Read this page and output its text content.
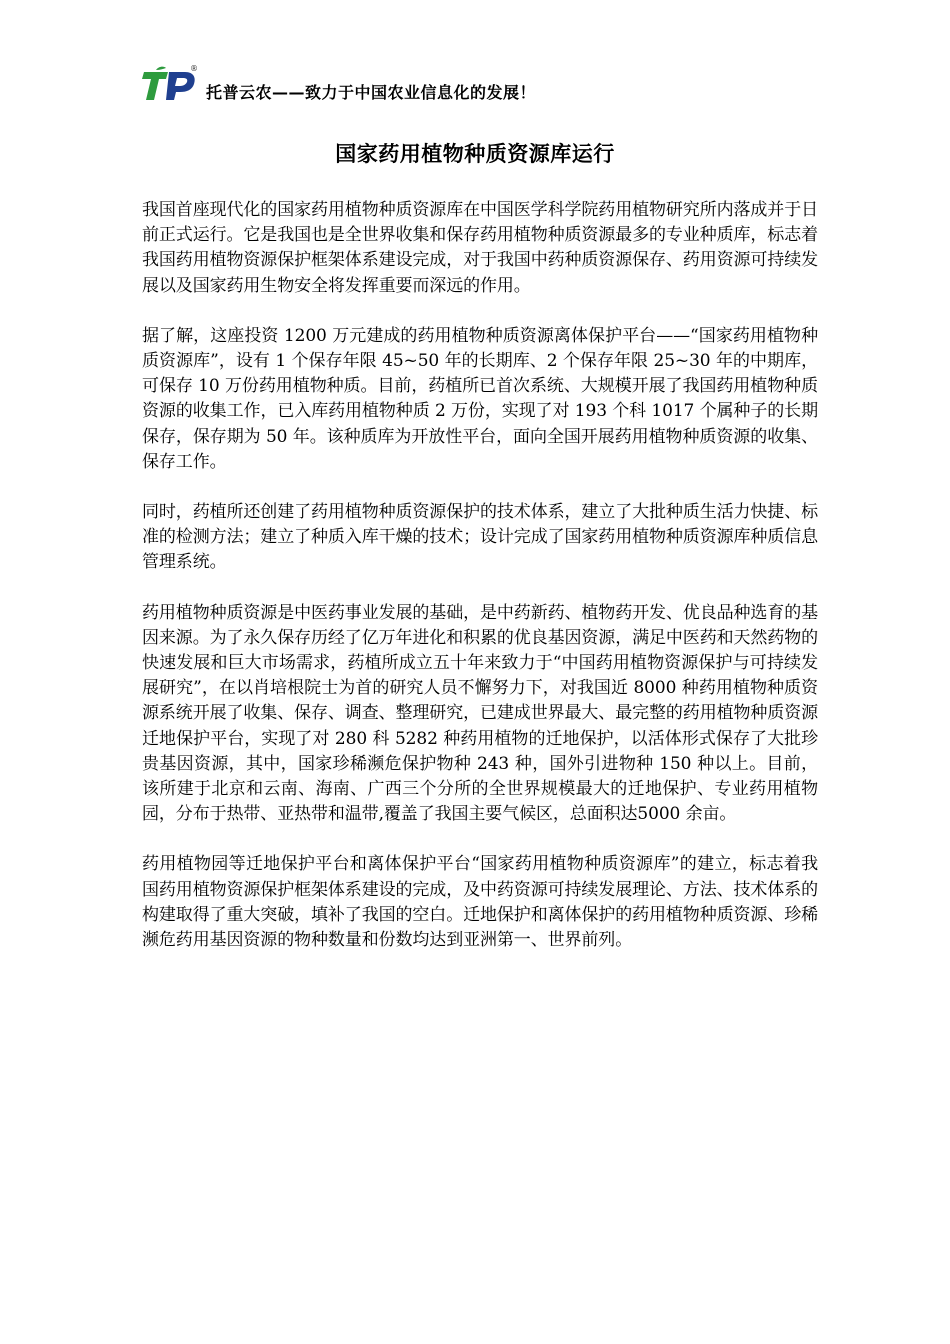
®
托普云农——致力于中国农业信息化的发展！
国家药用植物种质资源库运行

我国首座现代化的国家药用植物种质资源库在中国医学科学院药用植物研究所内落成并于日前正式运行。它是我国也是全世界收集和保存药用植物种质资源最多的专业种质库，标志着我国药用植物资源保护框架体系建设完成，对于我国中药种质资源保存、药用资源可持续发展以及国家药用生物安全将发挥重要而深远的作用。

据了解，这座投资 1200 万元建成的药用植物种质资源离体保护平台——“国家药用植物种质资源库”，设有 1 个保存年限 45~50 年的长期库、2 个保存年限 25~30 年的中期库，可保存 10 万份药用植物种质。目前，药植所已首次系统、大规模开展了我国药用植物种质资源的收集工作，已入库药用植物种质 2 万份，实现了对 193 个科 1017 个属种子的长期保存，保存期为 50 年。该种质库为开放性平台，面向全国开展药用植物种质资源的收集、保存工作。

同时，药植所还创建了药用植物种质资源保护的技术体系，建立了大批种质生活力快捷、标准的检测方法；建立了种质入库干燥的技术；设计完成了国家药用植物种质资源库种质信息管理系统。

药用植物种质资源是中医药事业发展的基础，是中药新药、植物药开发、优良品种选育的基因来源。为了永久保存历经了亿万年进化和积累的优良基因资源，满足中医药和天然药物的快速发展和巨大市场需求，药植所成立五十年来致力于“中国药用植物资源保护与可持续发展研究”，在以肖培根院士为首的研究人员不懈努力下，对我国近 8000 种药用植物种质资源系统开展了收集、保存、调查、整理研究，已建成世界最大、最完整的药用植物种质资源迁地保护平台，实现了对 280 科 5282 种药用植物的迁地保护，以活体形式保存了大批珍贵基因资源，其中，国家珍稀濒危保护物种 243 种，国外引进物种 150 种以上。目前，该所建于北京和云南、海南、广西三个分所的全世界规模最大的迁地保护、专业药用植物园，分布于热带、亚热带和温带,覆盖了我国主要气候区，总面积达5000 余亩。

药用植物园等迁地保护平台和离体保护平台“国家药用植物种质资源库”的建立，标志着我国药用植物资源保护框架体系建设的完成，及中药资源可持续发展理论、方法、技术体系的构建取得了重大突破，填补了我国的空白。迁地保护和离体保护的药用植物种质资源、珍稀濒危药用基因资源的物种数量和份数均达到亚洲第一、世界前列。
